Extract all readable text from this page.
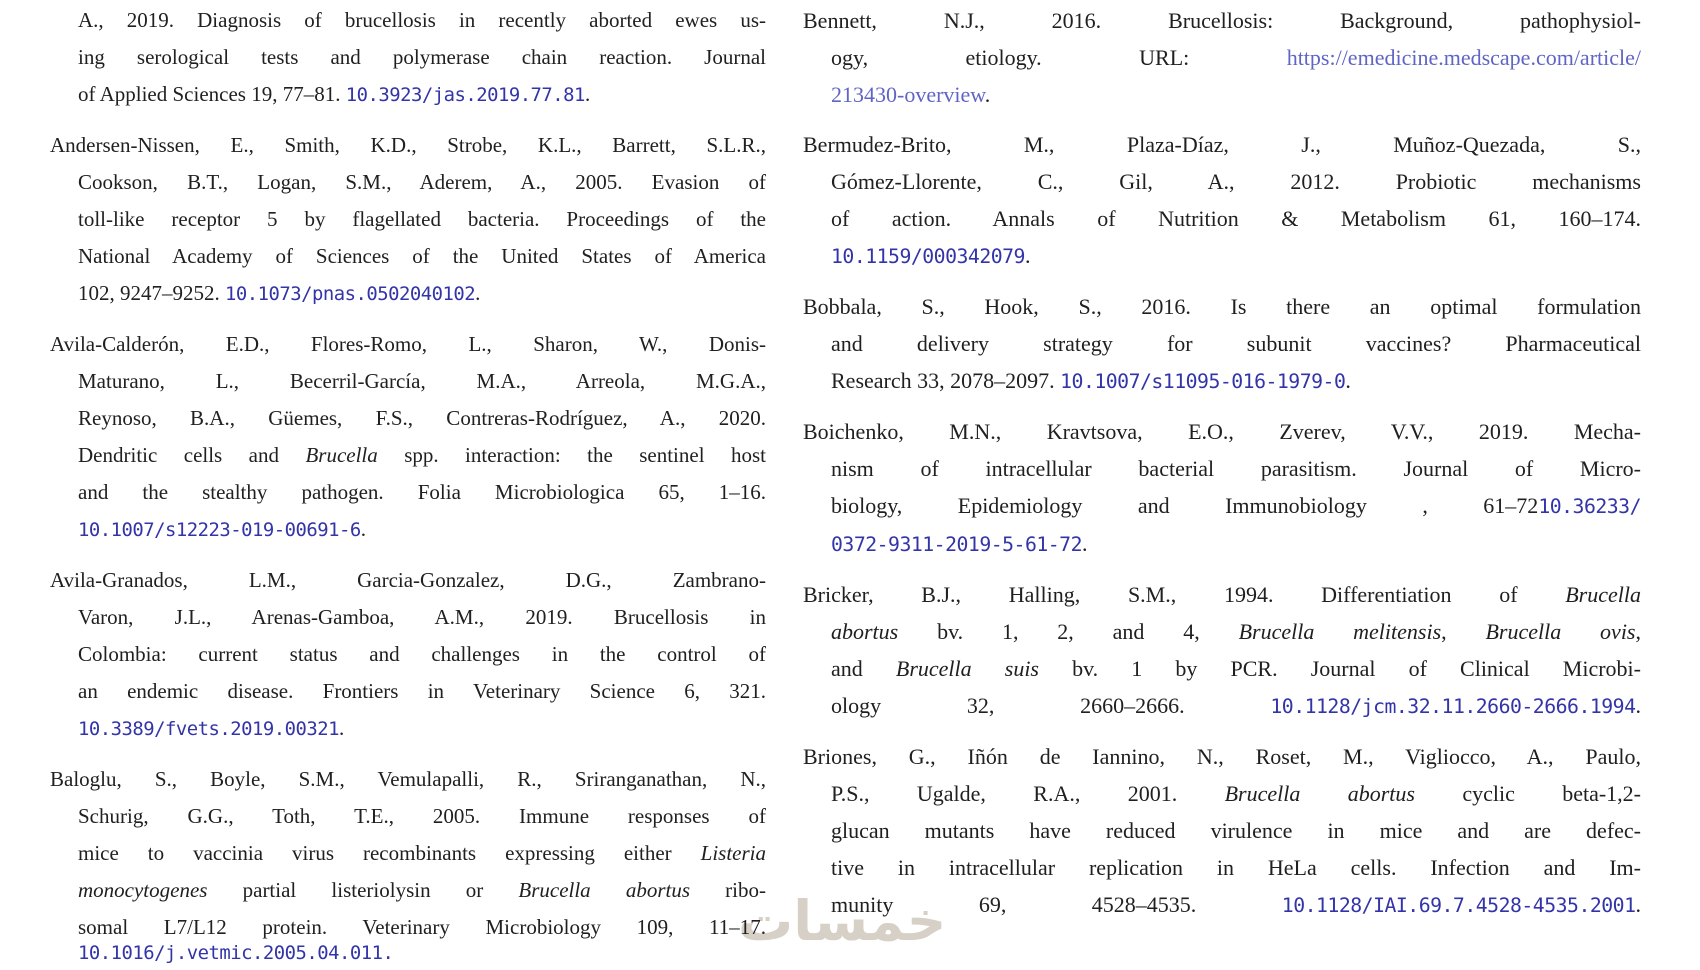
خمسات
A., 2019. Diagnosis of brucellosis in recently aborted ewes us-
ing serological tests and polymerase chain reaction. Journal
of Applied Sciences 19, 77–81. 10.3923/jas.2019.77.81.
Andersen-Nissen, E., Smith, K.D., Strobe, K.L., Barrett, S.L.R.,
Cookson, B.T., Logan, S.M., Aderem, A., 2005. Evasion of
toll-like receptor 5 by flagellated bacteria. Proceedings of the
National Academy of Sciences of the United States of America
102, 9247–9252. 10.1073/pnas.0502040102.
Avila-Calderón, E.D., Flores-Romo, L., Sharon, W., Donis-
Maturano, L., Becerril-García, M.A., Arreola, M.G.A.,
Reynoso, B.A., Güemes, F.S., Contreras-Rodríguez, A., 2020.
Dendritic cells and Brucella spp. interaction: the sentinel host
and the stealthy pathogen. Folia Microbiologica 65, 1–16.
10.1007/s12223-019-00691-6.
Avila-Granados, L.M., Garcia-Gonzalez, D.G., Zambrano-
Varon, J.L., Arenas-Gamboa, A.M., 2019. Brucellosis in
Colombia: current status and challenges in the control of
an endemic disease. Frontiers in Veterinary Science 6, 321.
10.3389/fvets.2019.00321.
Baloglu, S., Boyle, S.M., Vemulapalli, R., Sriranganathan, N.,
Schurig, G.G., Toth, T.E., 2005. Immune responses of
mice to vaccinia virus recombinants expressing either Listeria
monocytogenes partial listeriolysin or Brucella abortus ribo-
somal L7/L12 protein. Veterinary Microbiology 109, 11–17.
10.1016/j.vetmic.2005.04.011.
Bennett, N.J., 2016. Brucellosis: Background, pathophysiol-
ogy, etiology. URL: https://emedicine.medscape.com/article/
213430-overview.
Bermudez-Brito, M., Plaza-Díaz, J., Muñoz-Quezada, S.,
Gómez-Llorente, C., Gil, A., 2012. Probiotic mechanisms
of action. Annals of Nutrition & Metabolism 61, 160–174.
10.1159/000342079.
Bobbala, S., Hook, S., 2016. Is there an optimal formulation
and delivery strategy for subunit vaccines? Pharmaceutical
Research 33, 2078–2097. 10.1007/s11095-016-1979-0.
Boichenko, M.N., Kravtsova, E.O., Zverev, V.V., 2019. Mecha-
nism of intracellular bacterial parasitism. Journal of Micro-
biology, Epidemiology and Immunobiology , 61–7210.36233/
0372-9311-2019-5-61-72.
Bricker, B.J., Halling, S.M., 1994. Differentiation of Brucella
abortus bv. 1, 2, and 4, Brucella melitensis, Brucella ovis,
and Brucella suis bv. 1 by PCR. Journal of Clinical Microbi-
ology 32, 2660–2666. 10.1128/jcm.32.11.2660-2666.1994.
Briones, G., Iñón de Iannino, N., Roset, M., Vigliocco, A., Paulo,
P.S., Ugalde, R.A., 2001. Brucella abortus cyclic beta-1,2-
glucan mutants have reduced virulence in mice and are defec-
tive in intracellular replication in HeLa cells. Infection and Im-
munity 69, 4528–4535. 10.1128/IAI.69.7.4528-4535.2001.
